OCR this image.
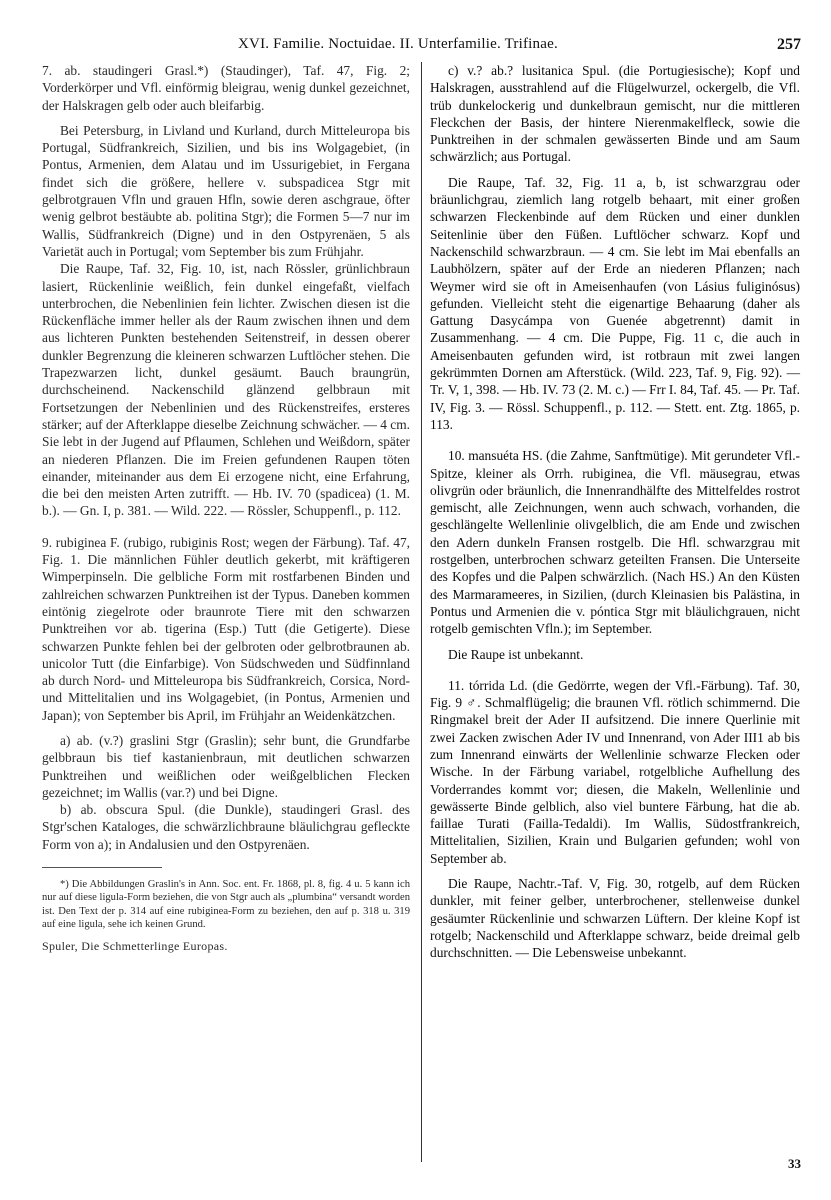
XVI. Familie. Noctuidae. II. Unterfamilie. Trifinae.	257

7. ab. staudingeri Grasl.*) (Staudinger), Taf. 47, Fig. 2; Vorderkörper und Vfl. einförmig bleigrau, wenig dunkel gezeichnet, der Halskragen gelb oder auch bleifarbig.

Bei Petersburg, in Livland und Kurland, durch Mitteleuropa bis Portugal, Südfrankreich, Sizilien, und bis ins Wolgagebiet, (in Pontus, Armenien, dem Alatau und im Ussurigebiet, in Fergana findet sich die größere, hellere v. subspadicea Stgr mit gelbrotgrauen Vfln und grauen Hfln, sowie deren aschgraue, öfter wenig gelbrot bestäubte ab. politina Stgr); die Formen 5—7 nur im Wallis, Südfrankreich (Digne) und in den Ostpyrenäen, 5 als Varietät auch in Portugal; vom September bis zum Frühjahr.

Die Raupe, Taf. 32, Fig. 10, ist, nach Rössler, grünlichbraun lasiert, Rückenlinie weißlich, fein dunkel eingefaßt, vielfach unterbrochen, die Nebenlinien fein lichter. Zwischen diesen ist die Rückenfläche immer heller als der Raum zwischen ihnen und dem aus lichteren Punkten bestehenden Seitenstreif, in dessen oberer dunkler Begrenzung die kleineren schwarzen Luftlöcher stehen. Die Trapezwarzen licht, dunkel gesäumt. Bauch braungrün, durchscheinend. Nackenschild glänzend gelbbraun mit Fortsetzungen der Nebenlinien und des Rückenstreifes, ersteres stärker; auf der Afterklappe dieselbe Zeichnung schwächer. — 4 cm. Sie lebt in der Jugend auf Pflaumen, Schlehen und Weißdorn, später an niederen Pflanzen. Die im Freien gefundenen Raupen töten einander, miteinander aus dem Ei erzogene nicht, eine Erfahrung, die bei den meisten Arten zutrifft. — Hb. IV. 70 (spadicea) (1. M. b.). — Gn. I, p. 381. — Wild. 222. — Rössler, Schuppenfl., p. 112.

9. rubiginea F. (rubigo, rubiginis Rost; wegen der Färbung). Taf. 47, Fig. 1. Die männlichen Fühler deutlich gekerbt, mit kräftigeren Wimperpinseln. Die gelbliche Form mit rostfarbenen Binden und zahlreichen schwarzen Punktreihen ist der Typus. Daneben kommen eintönig ziegelrote oder braunrote Tiere mit den schwarzen Punktreihen vor ab. tigerina (Esp.) Tutt (die Getigerte). Diese schwarzen Punkte fehlen bei der gelbroten oder gelbrotbraunen ab. unicolor Tutt (die Einfarbige). Von Südschweden und Südfinnland ab durch Nord- und Mitteleuropa bis Südfrankreich, Corsica, Nord- und Mittelitalien und ins Wolgagebiet, (in Pontus, Armenien und Japan); von September bis April, im Frühjahr an Weidenkätzchen.

a) ab. (v.?) graslini Stgr (Graslin); sehr bunt, die Grundfarbe gelbbraun bis tief kastanienbraun, mit deutlichen schwarzen Punktreihen und weißlichen oder weißgelblichen Flecken gezeichnet; im Wallis (var.?) und bei Digne.

b) ab. obscura Spul. (die Dunkle), staudingeri Grasl. des Stgr'schen Kataloges, die schwärzlichbraune bläulichgrau gefleckte Form von a); in Andalusien und den Ostpyrenäen.

*) Die Abbildungen Graslin's in Ann. Soc. ent. Fr. 1868, pl. 8, fig. 4 u. 5 kann ich nur auf diese ligula-Form beziehen, die von Stgr auch als „plumbina“ versandt worden ist. Den Text der p. 314 auf eine rubiginea-Form zu beziehen, den auf p. 318 u. 319 auf eine ligula, sehe ich keinen Grund.

Spuler, Die Schmetterlinge Europas.

c) v.? ab.? lusitanica Spul. (die Portugiesische); Kopf und Halskragen, ausstrahlend auf die Flügelwurzel, ockergelb, die Vfl. trüb dunkelockerig und dunkelbraun gemischt, nur die mittleren Fleckchen der Basis, der hintere Nierenmakelfleck, sowie die Punktreihen in der schmalen gewässerten Binde und am Saum schwärzlich; aus Portugal.

Die Raupe, Taf. 32, Fig. 11 a, b, ist schwarzgrau oder bräunlichgrau, ziemlich lang rotgelb behaart, mit einer großen schwarzen Fleckenbinde auf dem Rücken und einer dunklen Seitenlinie über den Füßen. Luftlöcher schwarz. Kopf und Nackenschild schwarzbraun. — 4 cm. Sie lebt im Mai ebenfalls an Laubhölzern, später auf der Erde an niederen Pflanzen; nach Weymer wird sie oft in Ameisenhaufen (von Lásius fuliginósus) gefunden. Vielleicht steht die eigenartige Behaarung (daher als Gattung Dasycámpa von Guenée abgetrennt) damit in Zusammenhang. — 4 cm. Die Puppe, Fig. 11 c, die auch in Ameisenbauten gefunden wird, ist rotbraun mit zwei langen gekrümmten Dornen am Afterstück. (Wild. 223, Taf. 9, Fig. 92). — Tr. V, 1, 398. — Hb. IV. 73 (2. M. c.) — Frr I. 84, Taf. 45. — Pr. Taf. IV, Fig. 3. — Rössl. Schuppenfl., p. 112. — Stett. ent. Ztg. 1865, p. 113.

10. mansuéta HS. (die Zahme, Sanftmütige). Mit gerundeter Vfl.-Spitze, kleiner als Orrh. rubiginea, die Vfl. mäusegrau, etwas olivgrün oder bräunlich, die Innenrandhälfte des Mittelfeldes rostrot gemischt, alle Zeichnungen, wenn auch schwach, vorhanden, die geschlängelte Wellenlinie olivgelblich, die am Ende und zwischen den Adern dunkeln Fransen rostgelb. Die Hfl. schwarzgrau mit rostgelben, unterbrochen schwarz geteilten Fransen. Die Unterseite des Kopfes und die Palpen schwärzlich. (Nach HS.) An den Küsten des Marmarameeres, in Sizilien, (durch Kleinasien bis Palästina, in Pontus und Armenien die v. póntica Stgr mit bläulichgrauen, nicht rotgelb gemischten Vfln.); im September.

Die Raupe ist unbekannt.

11. tórrida Ld. (die Gedörrte, wegen der Vfl.-Färbung). Taf. 30, Fig. 9 ♂. Schmalflügelig; die braunen Vfl. rötlich schimmernd. Die Ringmakel breit der Ader II aufsitzend. Die innere Querlinie mit zwei Zacken zwischen Ader IV und Innenrand, von Ader III1 ab bis zum Innenrand einwärts der Wellenlinie schwarze Flecken oder Wische. In der Färbung variabel, rotgelbliche Aufhellung des Vorderrandes kommt vor; diesen, die Makeln, Wellenlinie und gewässerte Binde gelblich, also viel buntere Färbung, hat die ab. faillae Turati (Failla-Tedaldi). Im Wallis, Südostfrankreich, Mittelitalien, Sizilien, Krain und Bulgarien gefunden; wohl von September ab.

Die Raupe, Nachtr.-Taf. V, Fig. 30, rotgelb, auf dem Rücken dunkler, mit feiner gelber, unterbrochener, stellenweise dunkel gesäumter Rückenlinie und schwarzen Lüftern. Der kleine Kopf ist rotgelb; Nackenschild und Afterklappe schwarz, beide dreimal gelb durchschnitten. — Die Lebensweise unbekannt.

33
